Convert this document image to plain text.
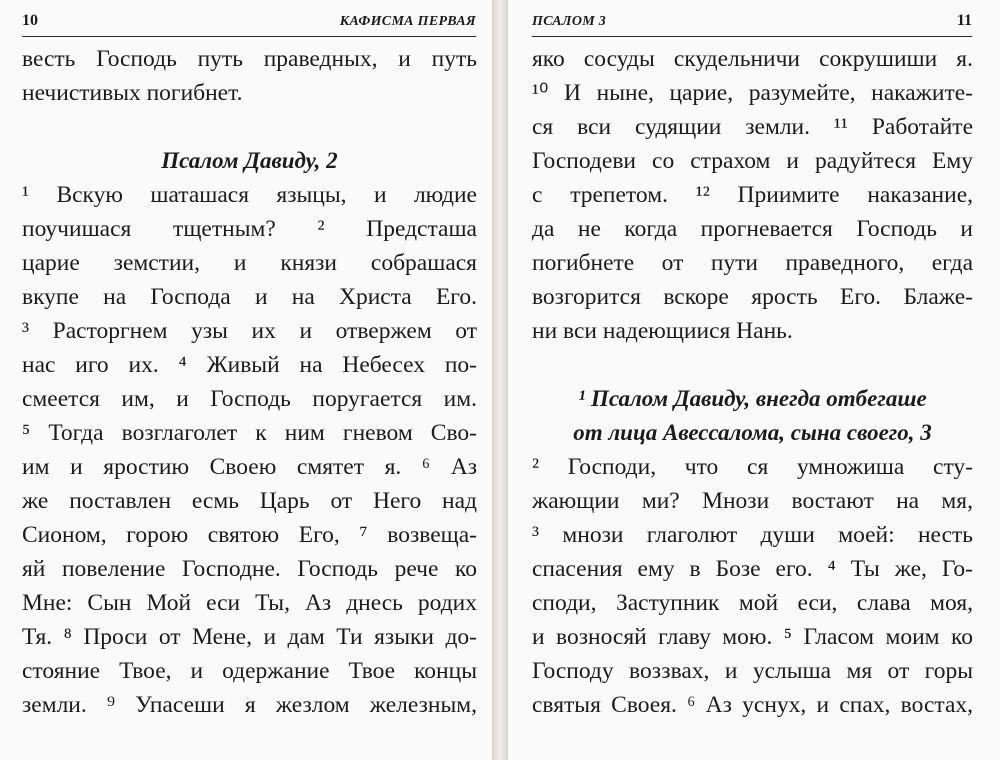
10	КАФИСМА ПЕРВАЯ
весть Господь путь праведных, и путь
нечистивых погибнет.
Псалом Давиду, 2
¹ Вскую шаташася языцы, и людие
поучишася тщетным? ² Предсташа
царие земстии, и князи собрашася
вкупе на Господа и на Христа Его.
³ Расторгнем узы их и отвержем от
нас иго их. ⁴ Живый на Небесех по-
смеется им, и Господь поругается им.
⁵ Тогда возглаголет к ним гневом Сво-
им и яростию Своею смятет я. ⁶ Аз
же поставлен есмь Царь от Него над
Сионом, горою святою Его, ⁷ возвеща-
яй повеление Господне. Господь рече ко
Мне: Сын Мой еси Ты, Аз днесь родих
Тя. ⁸ Проси от Мене, и дам Ти языки до-
стояние Твое, и одержание Твое концы
земли. ⁹ Упасеши я жезлом железным,
ПСАЛОМ 3	11
яко сосуды скудельничи сокрушиши я.
¹⁰ И ныне, царие, разумейте, накажите-
ся вси судящии земли. ¹¹ Работайте
Господеви со страхом и радуйтеся Ему
с трепетом. ¹² Приимите наказание,
да не когда прогневается Господь и
погибнете от пути праведного, егда
возгорится вскоре ярость Его. Блаже-
ни вси надеющиися Нань.
¹ Псалом Давиду, внегда отбегаше
от лица Авессалома, сына своего, 3
² Господи, что ся умножиша сту-
жающии ми? Мнози востают на мя,
³ мнози глаголют души моей: несть
спасения ему в Бозе его. ⁴ Ты же, Го-
споди, Заступник мой еси, слава моя,
и возносяй главу мою. ⁵ Гласом моим ко
Господу воззвах, и услыша мя от горы
святыя Своея. ⁶ Аз уснух, и спах, востах,
